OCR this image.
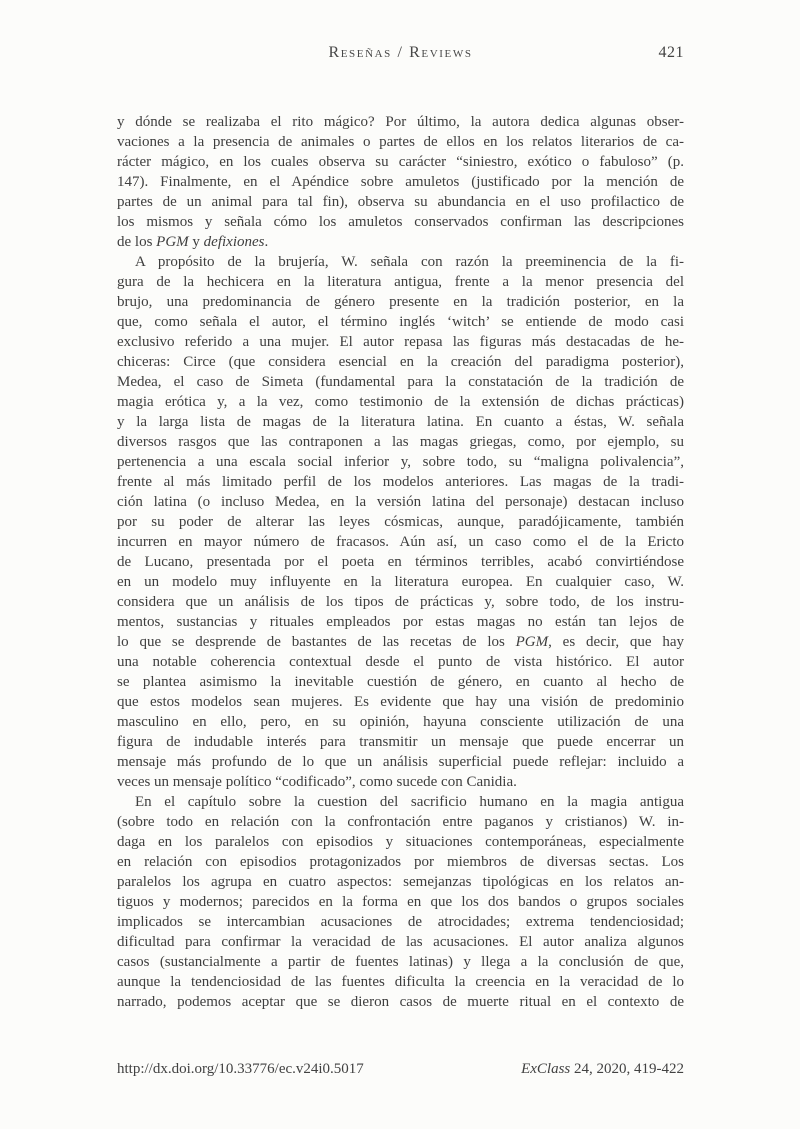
Reseñas / Reviews	421
y dónde se realizaba el rito mágico? Por último, la autora dedica algunas obser-
vaciones a la presencia de animales o partes de ellos en los relatos literarios de ca-
rácter mágico, en los cuales observa su carácter “siniestro, exótico o fabuloso” (p.
147). Finalmente, en el Apéndice sobre amuletos (justificado por la mención de
partes de un animal para tal fin), observa su abundancia en el uso profilactico de
los mismos y señala cómo los amuletos conservados confirman las descripciones
de los PGM y defixiones.
A propósito de la brujería, W. señala con razón la preeminencia de la fi-
gura de la hechicera en la literatura antigua, frente a la menor presencia del
brujo, una predominancia de género presente en la tradición posterior, en la
que, como señala el autor, el término inglés ‘witch’ se entiende de modo casi
exclusivo referido a una mujer. El autor repasa las figuras más destacadas de he-
chiceras: Circe (que considera esencial en la creación del paradigma posterior),
Medea, el caso de Simeta (fundamental para la constatación de la tradición de
magia erótica y, a la vez, como testimonio de la extensión de dichas prácticas)
y la larga lista de magas de la literatura latina. En cuanto a éstas, W. señala
diversos rasgos que las contraponen a las magas griegas, como, por ejemplo, su
pertenencia a una escala social inferior y, sobre todo, su “maligna polivalencia”,
frente al más limitado perfil de los modelos anteriores. Las magas de la tradi-
ción latina (o incluso Medea, en la versión latina del personaje) destacan incluso
por su poder de alterar las leyes cósmicas, aunque, paradójicamente, también
incurren en mayor número de fracasos. Aún así, un caso como el de la Ericto
de Lucano, presentada por el poeta en términos terribles, acabó convirtiéndose
en un modelo muy influyente en la literatura europea. En cualquier caso, W.
considera que un análisis de los tipos de prácticas y, sobre todo, de los instru-
mentos, sustancias y rituales empleados por estas magas no están tan lejos de
lo que se desprende de bastantes de las recetas de los PGM, es decir, que hay
una notable coherencia contextual desde el punto de vista histórico. El autor
se plantea asimismo la inevitable cuestión de género, en cuanto al hecho de
que estos modelos sean mujeres. Es evidente que hay una visión de predominio
masculino en ello, pero, en su opinión, hayuna consciente utilización de una
figura de indudable interés para transmitir un mensaje que puede encerrar un
mensaje más profundo de lo que un análisis superficial puede reflejar: incluido a
veces un mensaje político “codificado”, como sucede con Canidia.
En el capítulo sobre la cuestion del sacrificio humano en la magia antigua
(sobre todo en relación con la confrontación entre paganos y cristianos) W. in-
daga en los paralelos con episodios y situaciones contemporáneas, especialmente
en relación con episodios protagonizados por miembros de diversas sectas. Los
paralelos los agrupa en cuatro aspectos: semejanzas tipológicas en los relatos an-
tiguos y modernos; parecidos en la forma en que los dos bandos o grupos sociales
implicados se intercambian acusaciones de atrocidades; extrema tendenciosidad;
dificultad para confirmar la veracidad de las acusaciones. El autor analiza algunos
casos (sustancialmente a partir de fuentes latinas) y llega a la conclusión de que,
aunque la tendenciosidad de las fuentes dificulta la creencia en la veracidad de lo
narrado, podemos aceptar que se dieron casos de muerte ritual en el contexto de
http://dx.doi.org/10.33776/ec.v24i0.5017	ExClass 24, 2020, 419-422
